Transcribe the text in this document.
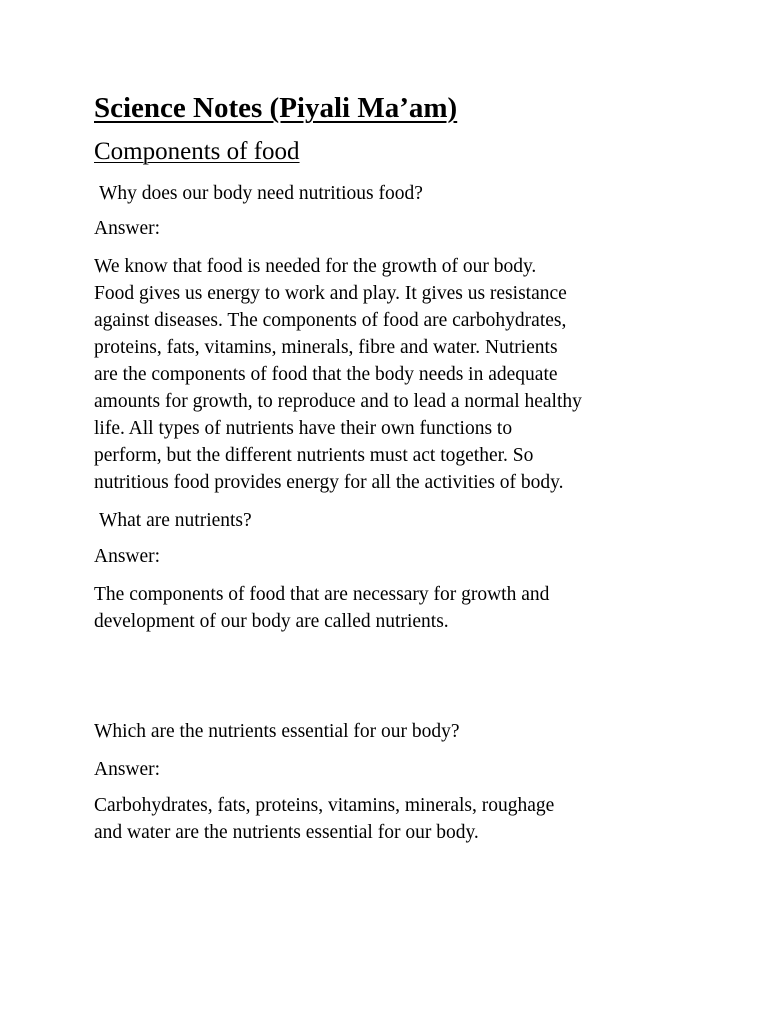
Science Notes (Piyali Ma’am)
Components of food
Why does our body need nutritious food?
Answer:
We know that food is needed for the growth of our body.
Food gives us energy to work and play. It gives us resistance
against diseases. The components of food are carbohydrates,
proteins, fats, vitamins, minerals, fibre and water. Nutrients
are the components of food that the body needs in adequate
amounts for growth, to reproduce and to lead a normal healthy
life. All types of nutrients have their own functions to
perform, but the different nutrients must act together. So
nutritious food provides energy for all the activities of body.
What are nutrients?
Answer:
The components of food that are necessary for growth and
development of our body are called nutrients.
Which are the nutrients essential for our body?
Answer:
Carbohydrates, fats, proteins, vitamins, minerals, roughage
and water are the nutrients essential for our body.
